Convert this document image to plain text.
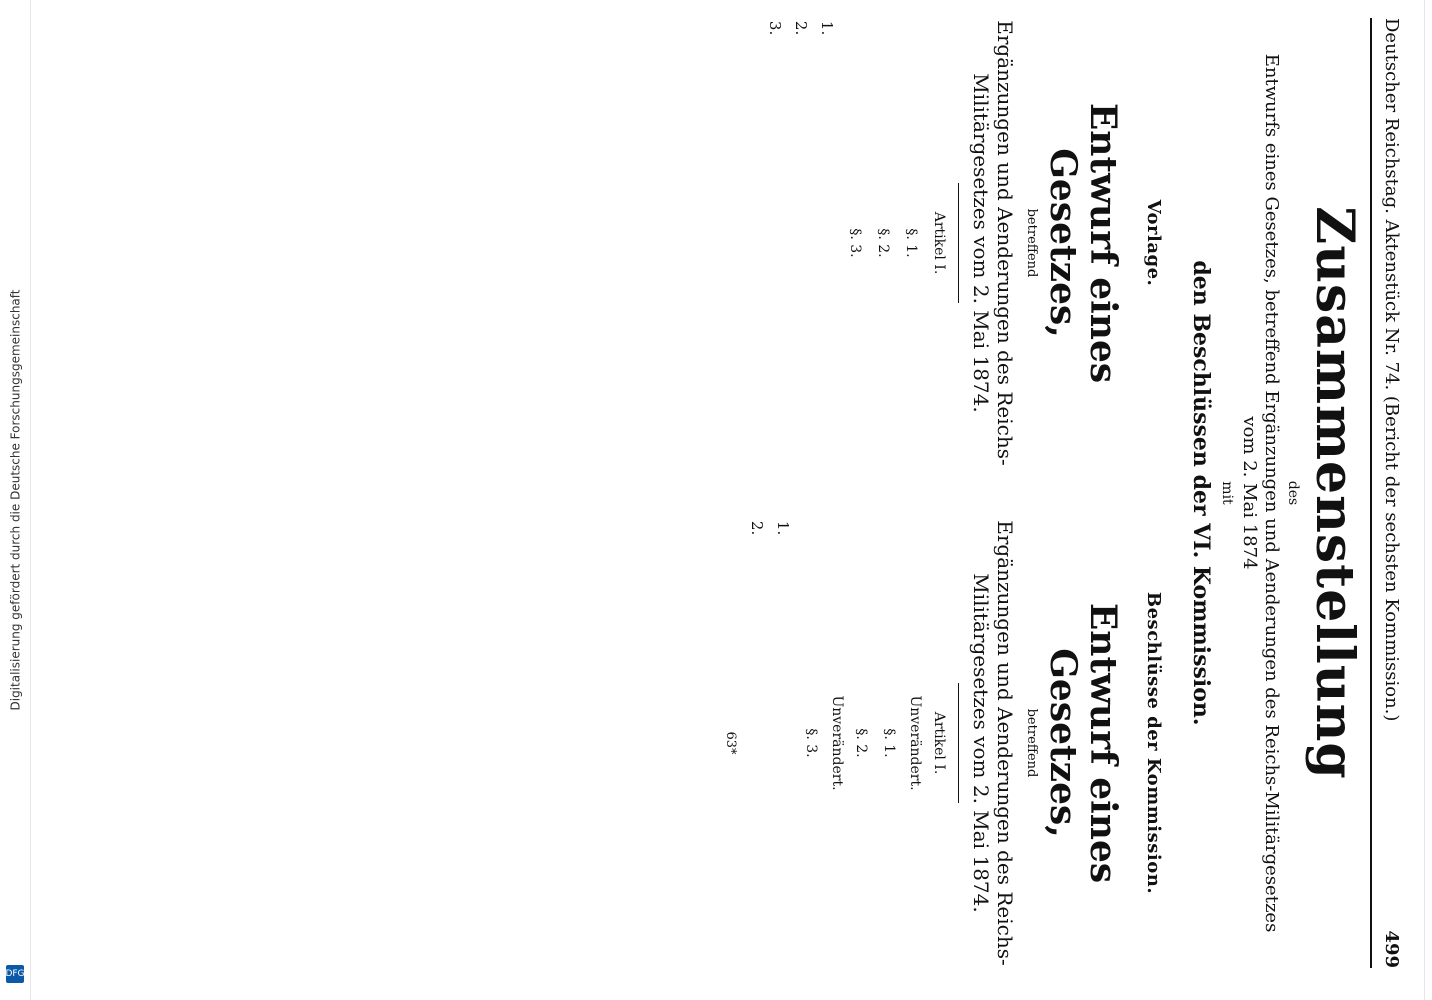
Digitalisierung gefördert durch die Deutsche Forschungsgemeinschaft
DFG
Deutscher Reichstag. Aktenstück Nr. 74. (Bericht der sechsten Kommission.)
499
Zusammenstellung
des
Entwurfs eines Gesetzes, betreffend Ergänzungen und Aenderungen des Reichs-Militärgesetzes
vom 2. Mai 1874
mit
den Beschlüssen der VI. Kommission.
Vorlage.
Beschlüsse der Kommission.
Entwurf eines Gesetzes,
betreffend
Ergänzungen und Aenderungen des Reichs-Militärgesetzes vom 2. Mai 1874.

Artikel I.

§. 1.

§. 2.

§. 3.

1.
2.
3.
Entwurf eines Gesetzes,
betreffend
Ergänzungen und Aenderungen des Reichs-Militärgesetzes vom 2. Mai 1874.

Artikel I.
Unverändert.
§. 1.

§. 2.
Unverändert.
§. 3.

1.
2.
63*
